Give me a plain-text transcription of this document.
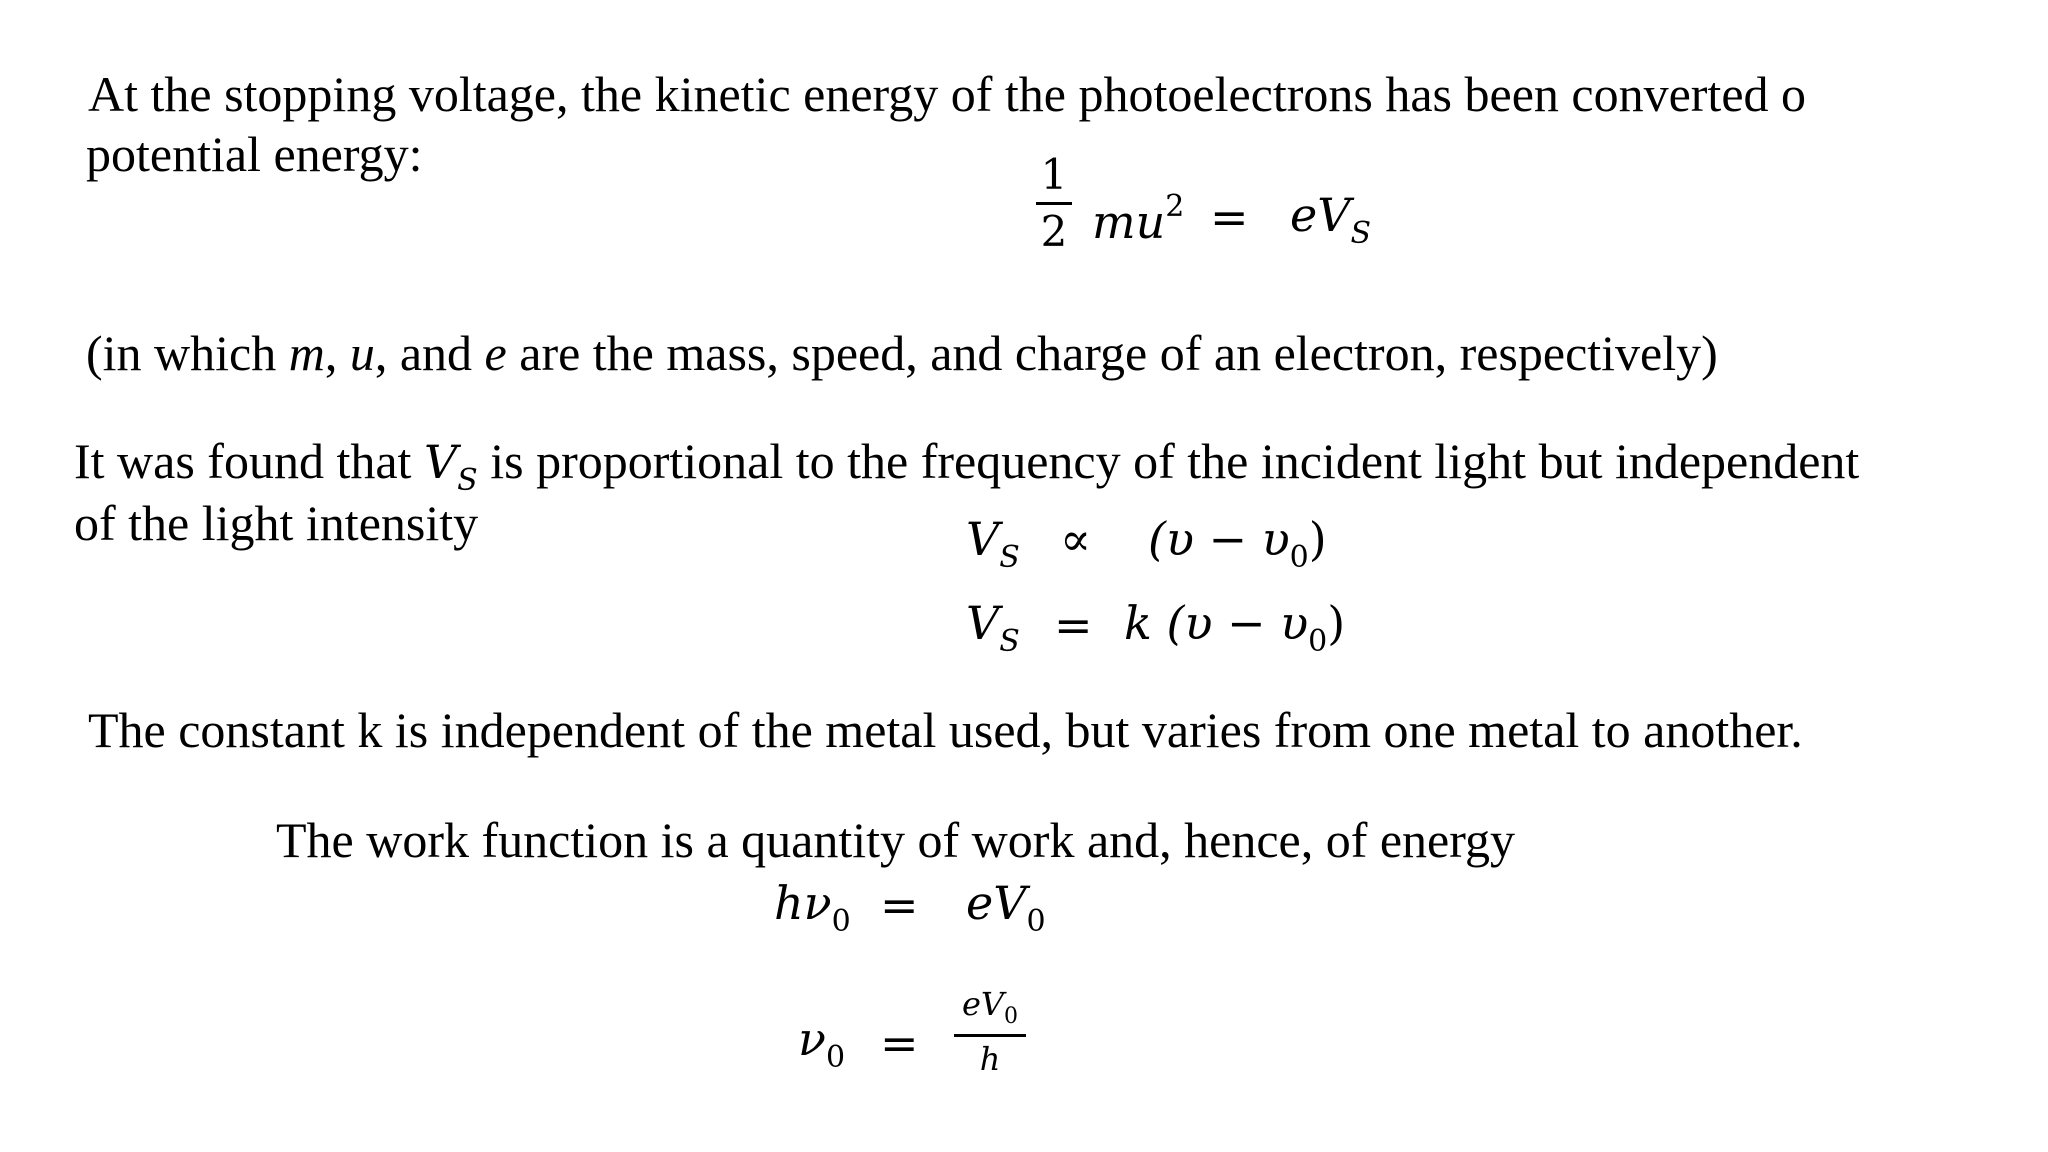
At the stopping voltage, the kinetic energy of the photoelectrons has been converted o
potential energy:	1
2 $mu^2 = eV_S$
(in which m, u, and e are the mass, speed, and charge of an electron, respectively)
It was found that $V_S$ is proportional to the frequency of the incident light but independent
of the light intensity	$V_S \propto (\upsilon - \upsilon_0)$
$V_S = k$ $(\upsilon - \upsilon_0)$
The constant k is independent of the metal used, but varies from one metal to another.
The work function is a quantity of work and, hence, of energy
$h\nu_0 = eV_0$
$\nu_0$ =
$eV_0$
h
